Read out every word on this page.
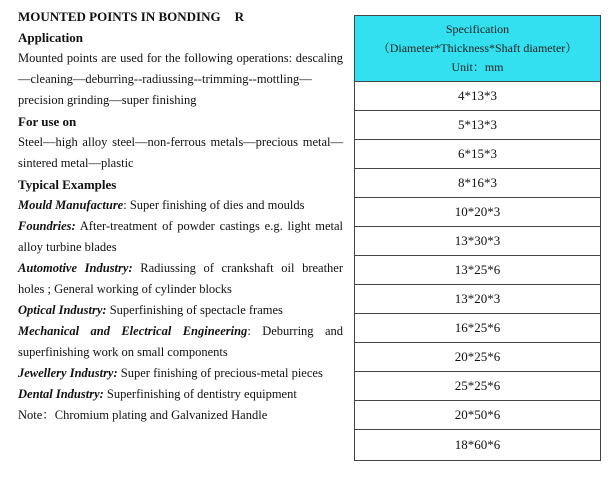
MOUNTED POINTS IN BONDING R

Application

Mounted points are used for the following operations: descaling—cleaning—deburring--radiussing--trimming--mottling—precision grinding—super finishing

For use on

Steel—high alloy steel—non-ferrous metals—precious metal—sintered metal—plastic

Typical Examples

Mould Manufacture: Super finishing of dies and moulds

Foundries: After-treatment of powder castings e.g. light metal alloy turbine blades

Automotive Industry: Radiussing of crankshaft oil breather holes ; General working of cylinder blocks

Optical Industry: Superfinishing of spectacle frames

Mechanical and Electrical Engineering: Deburring and superfinishing work on small components

Jewellery Industry: Super finishing of precious-metal pieces

Dental Industry: Superfinishing of dentistry equipment

Note：Chromium plating and Galvanized Handle

Specification
（Diameter*Thickness*Shaft diameter）
Unit：mm

4*13*3
5*13*3
6*15*3
8*16*3
10*20*3
13*30*3
13*25*6
13*20*3
16*25*6
20*25*6
25*25*6
20*50*6
18*60*6
